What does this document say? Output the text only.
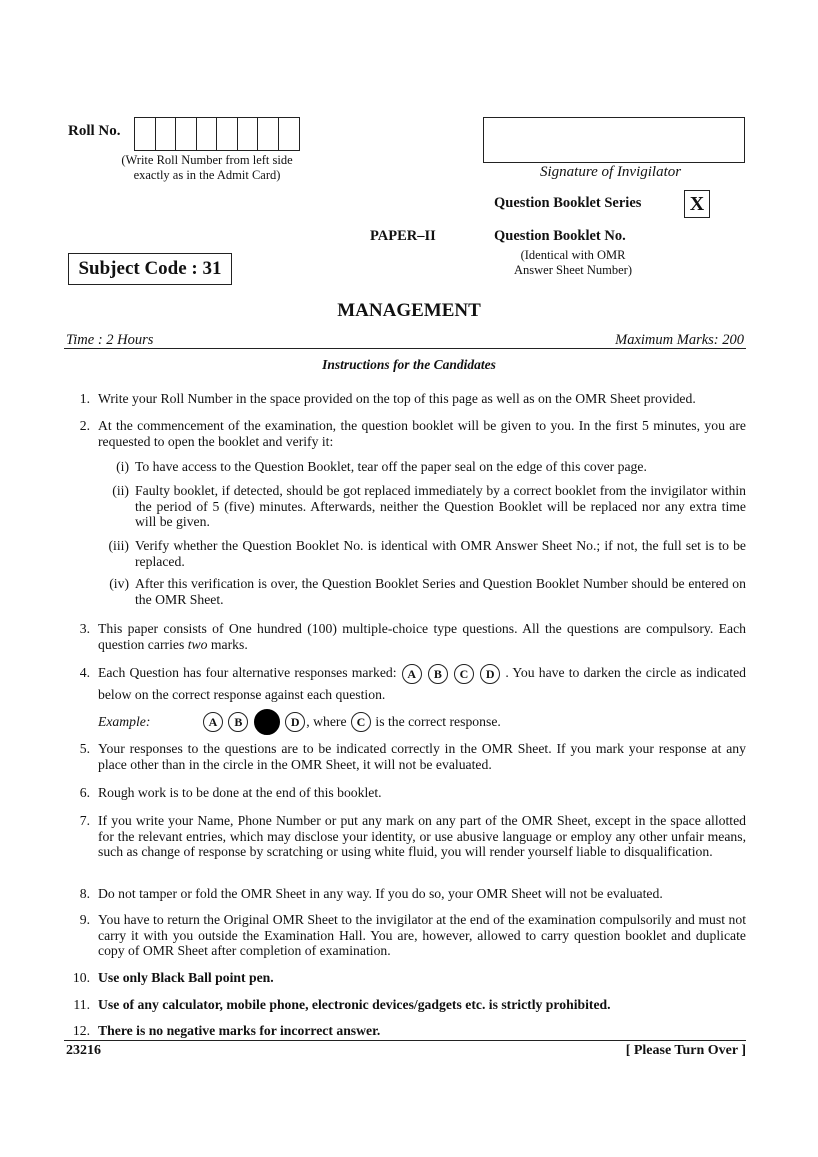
Roll No.
(Write Roll Number from left side
exactly as in the Admit Card)	Signature of Invigilator
Question Booklet Series X
PAPER–II	Question Booklet No.
(Identical with OMR
Answer Sheet Number)
Subject Code : 31
MANAGEMENT
Time : 2 Hours	Maximum Marks: 200
Instructions for the Candidates
1. Write your Roll Number in the space provided on the top of this page as well as on the OMR Sheet provided.
2. At the commencement of the examination, the question booklet will be given to you. In the first 5 minutes, you are requested to open the booklet and verify it:
(i) To have access to the Question Booklet, tear off the paper seal on the edge of this cover page.
(ii) Faulty booklet, if detected, should be got replaced immediately by a correct booklet from the invigilator within the period of 5 (five) minutes. Afterwards, neither the Question Booklet will be replaced nor any extra time will be given.
(iii) Verify whether the Question Booklet No. is identical with OMR Answer Sheet No.; if not, the full set is to be replaced.
(iv) After this verification is over, the Question Booklet Series and Question Booklet Number should be entered on the OMR Sheet.
3. This paper consists of One hundred (100) multiple-choice type questions. All the questions are compulsory. Each question carries two marks.
4. Each Question has four alternative responses marked: A B C D . You have to darken the circle as indicated below on the correct response against each question.
Example:	A
	B

	D , where C is the correct response.
5. Your responses to the questions are to be indicated correctly in the OMR Sheet. If you mark your response at any place other than in the circle in the OMR Sheet, it will not be evaluated.
6. Rough work is to be done at the end of this booklet.
7. If you write your Name, Phone Number or put any mark on any part of the OMR Sheet, except in the space allotted for the relevant entries, which may disclose your identity, or use abusive language or employ any other unfair means, such as change of response by scratching or using white fluid, you will render yourself liable to disqualification.
8. Do not tamper or fold the OMR Sheet in any way. If you do so, your OMR Sheet will not be evaluated.
9. You have to return the Original OMR Sheet to the invigilator at the end of the examination compulsorily and must not carry it with you outside the Examination Hall. You are, however, allowed to carry question booklet and duplicate copy of OMR Sheet after completion of examination.
10. Use only Black Ball point pen.
11. Use of any calculator, mobile phone, electronic devices/gadgets etc. is strictly prohibited.
12. There is no negative marks for incorrect answer.
23216	[ Please Turn Over ]
